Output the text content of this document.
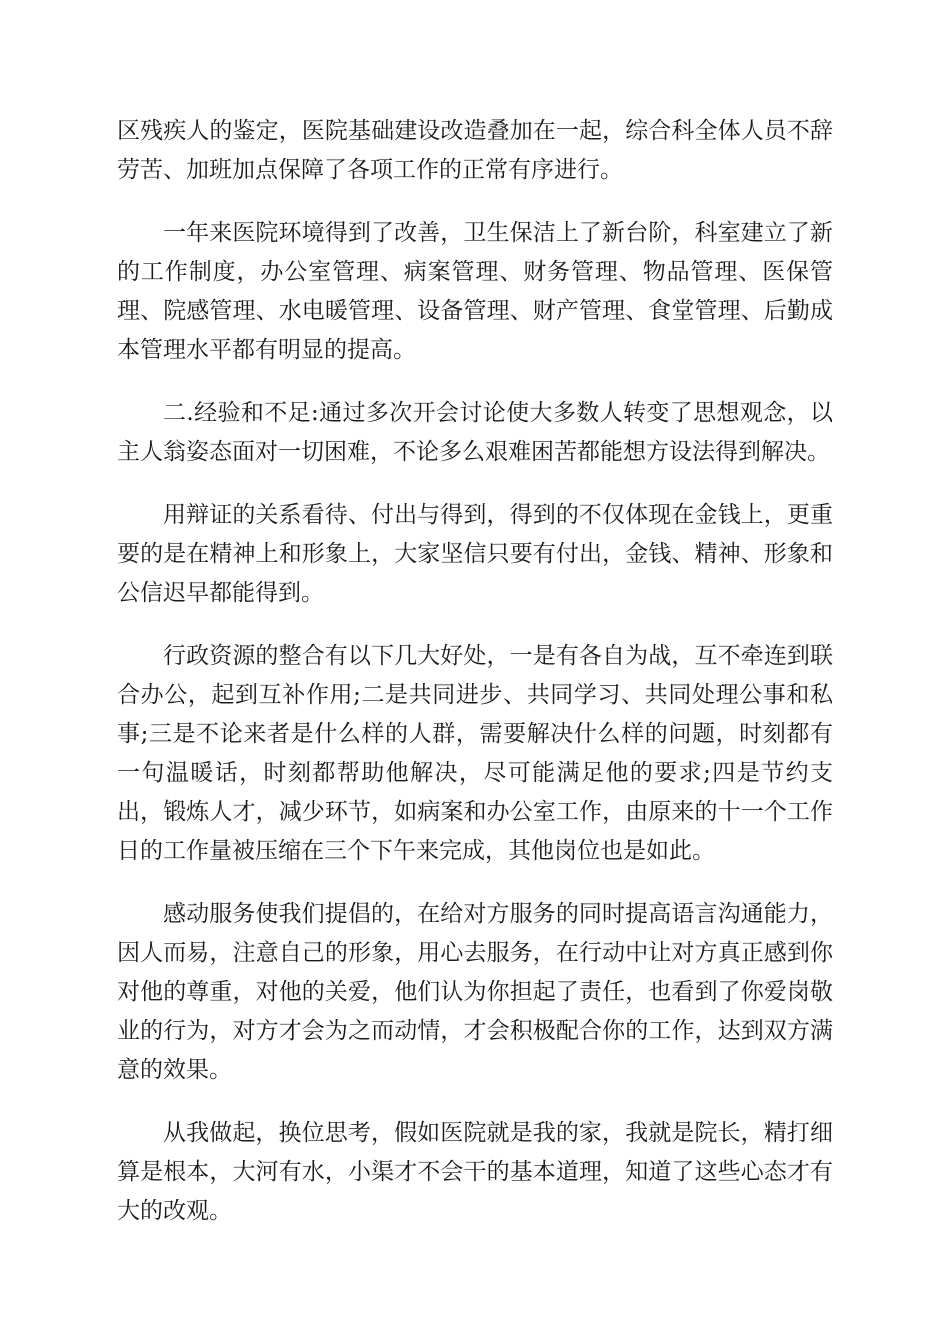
区残疾人的鉴定，医院基础建设改造叠加在一起，综合科全体人员不辞劳苦、加班加点保障了各项工作的正常有序进行。

一年来医院环境得到了改善，卫生保洁上了新台阶，科室建立了新的工作制度，办公室管理、病案管理、财务管理、物品管理、医保管理、院感管理、水电暖管理、设备管理、财产管理、食堂管理、后勤成本管理水平都有明显的提高。

二.经验和不足:通过多次开会讨论使大多数人转变了思想观念，以主人翁姿态面对一切困难，不论多么艰难困苦都能想方设法得到解决。

用辩证的关系看待、付出与得到，得到的不仅体现在金钱上，更重要的是在精神上和形象上，大家坚信只要有付出，金钱、精神、形象和公信迟早都能得到。

行政资源的整合有以下几大好处，一是有各自为战，互不牵连到联合办公，起到互补作用;二是共同进步、共同学习、共同处理公事和私事;三是不论来者是什么样的人群，需要解决什么样的问题，时刻都有一句温暖话，时刻都帮助他解决，尽可能满足他的要求;四是节约支出，锻炼人才，减少环节，如病案和办公室工作，由原来的十一个工作日的工作量被压缩在三个下午来完成，其他岗位也是如此。

感动服务使我们提倡的，在给对方服务的同时提高语言沟通能力，因人而易，注意自己的形象，用心去服务，在行动中让对方真正感到你对他的尊重，对他的关爱，他们认为你担起了责任，也看到了你爱岗敬业的行为，对方才会为之而动情，才会积极配合你的工作，达到双方满意的效果。

从我做起，换位思考，假如医院就是我的家，我就是院长，精打细算是根本，大河有水，小渠才不会干的基本道理，知道了这些心态才有大的改观。
